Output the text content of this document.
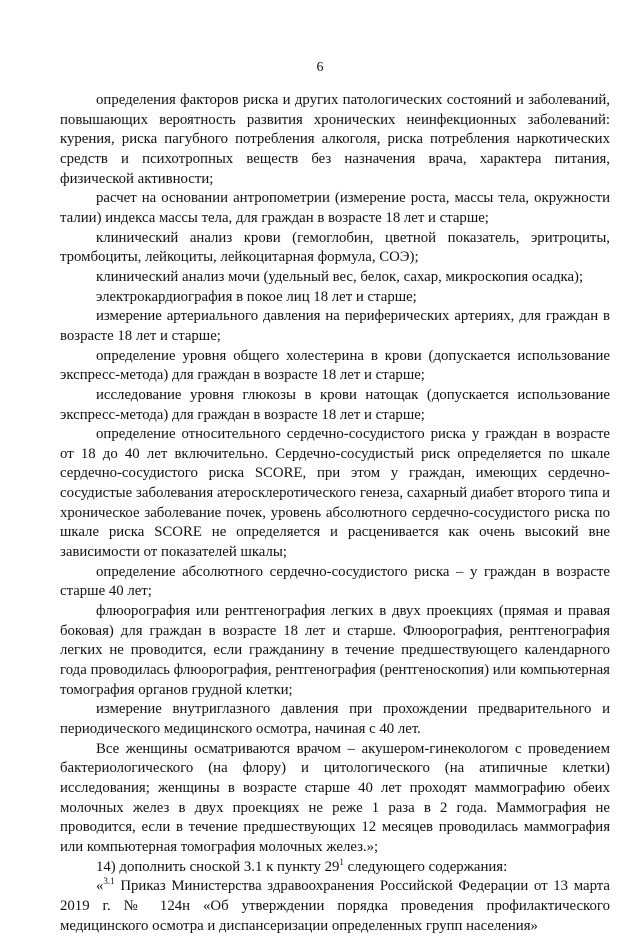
6

определения факторов риска и других патологических состояний и заболеваний, повышающих вероятность развития хронических неинфекционных заболеваний: курения, риска пагубного потребления алкоголя, риска потребления наркотических средств и психотропных веществ без назначения врача, характера питания, физической активности;

расчет на основании антропометрии (измерение роста, массы тела, окружности талии) индекса массы тела, для граждан в возрасте 18 лет и старше;

клинический анализ крови (гемоглобин, цветной показатель, эритроциты, тромбоциты, лейкоциты, лейкоцитарная формула, СОЭ);

клинический анализ мочи (удельный вес, белок, сахар, микроскопия осадка);

электрокардиография в покое лиц 18 лет и старше;

измерение артериального давления на периферических артериях, для граждан в возрасте 18 лет и старше;

определение уровня общего холестерина в крови (допускается использование экспресс-метода) для граждан в возрасте 18 лет и старше;

исследование уровня глюкозы в крови натощак (допускается использование экспресс-метода) для граждан в возрасте 18 лет и старше;

определение относительного сердечно-сосудистого риска у граждан в возрасте от 18 до 40 лет включительно. Сердечно-сосудистый риск определяется по шкале сердечно-сосудистого риска SCORE, при этом у граждан, имеющих сердечно-сосудистые заболевания атеросклеротического генеза, сахарный диабет второго типа и хроническое заболевание почек, уровень абсолютного сердечно-сосудистого риска по шкале риска SCORE не определяется и расценивается как очень высокий вне зависимости от показателей шкалы;

определение абсолютного сердечно-сосудистого риска – у граждан в возрасте старше 40 лет;

флюорография или рентгенография легких в двух проекциях (прямая и правая боковая) для граждан в возрасте 18 лет и старше. Флюорография, рентгенография легких не проводится, если гражданину в течение предшествующего календарного года проводилась флюорография, рентгенография (рентгеноскопия) или компьютерная томография органов грудной клетки;

измерение внутриглазного давления при прохождении предварительного и периодического медицинского осмотра, начиная с 40 лет.

Все женщины осматриваются врачом – акушером-гинекологом с проведением бактериологического (на флору) и цитологического (на атипичные клетки) исследования; женщины в возрасте старше 40 лет проходят маммографию обеих молочных желез в двух проекциях не реже 1 раза в 2 года. Маммография не проводится, если в течение предшествующих 12 месяцев проводилась маммография или компьютерная томография молочных желез.»;

14) дополнить сноской 3.1 к пункту $29^1$ следующего содержания:

«$^{3.1}$ Приказ Министерства здравоохранения Российской Федерации от 13 марта 2019 г. № 124н «Об утверждении порядка проведения профилактического медицинского осмотра и диспансеризации определенных групп населения»
